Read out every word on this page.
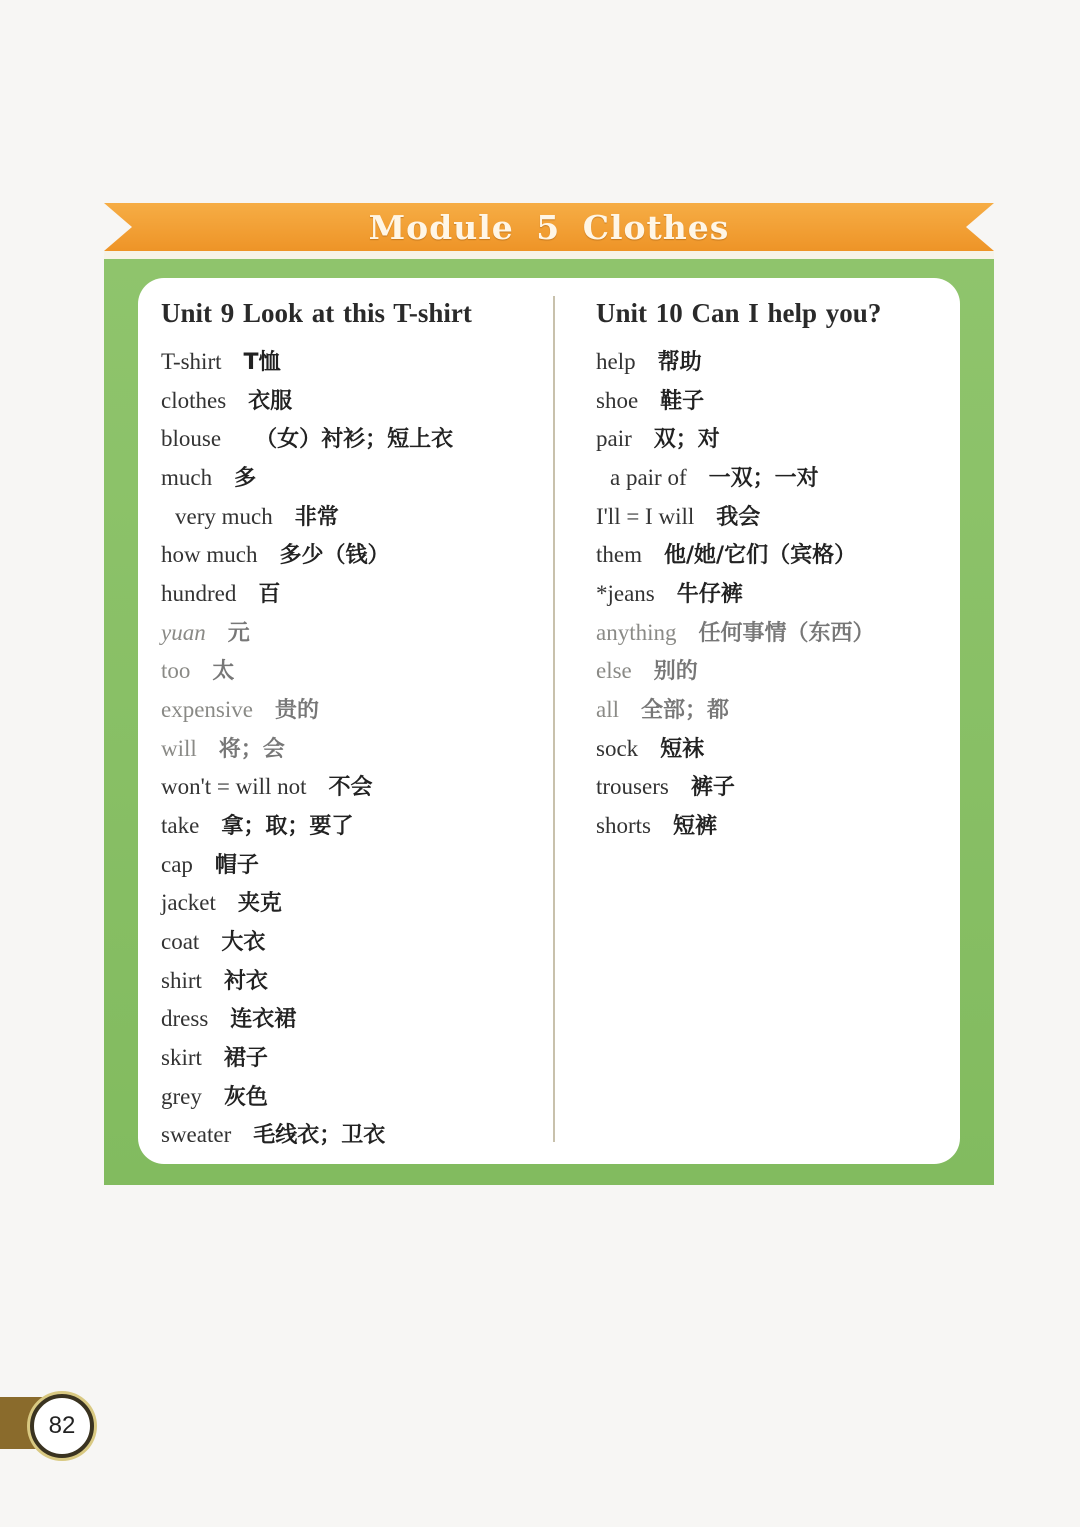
Module 5 Clothes
Unit 9 Look at this T-shirt
T-shirt T恤
clothes 衣服
blouse （女）衬衫；短上衣
much 多
very much 非常
how much 多少（钱）
hundred 百
yuan 元
too 太
expensive 贵的
will 将；会
won't = will not 不会
take 拿；取；要了
cap 帽子
jacket 夹克
coat 大衣
shirt 衬衣
dress 连衣裙
skirt 裙子
grey 灰色
sweater 毛线衣；卫衣
Unit 10 Can I help you?
help 帮助
shoe 鞋子
pair 双；对
a pair of 一双；一对
I'll = I will 我会
them 他/她/它们（宾格）
*jeans 牛仔裤
anything 任何事情（东西）
else 别的
all 全部；都
sock 短袜
trousers 裤子
shorts 短裤
82
